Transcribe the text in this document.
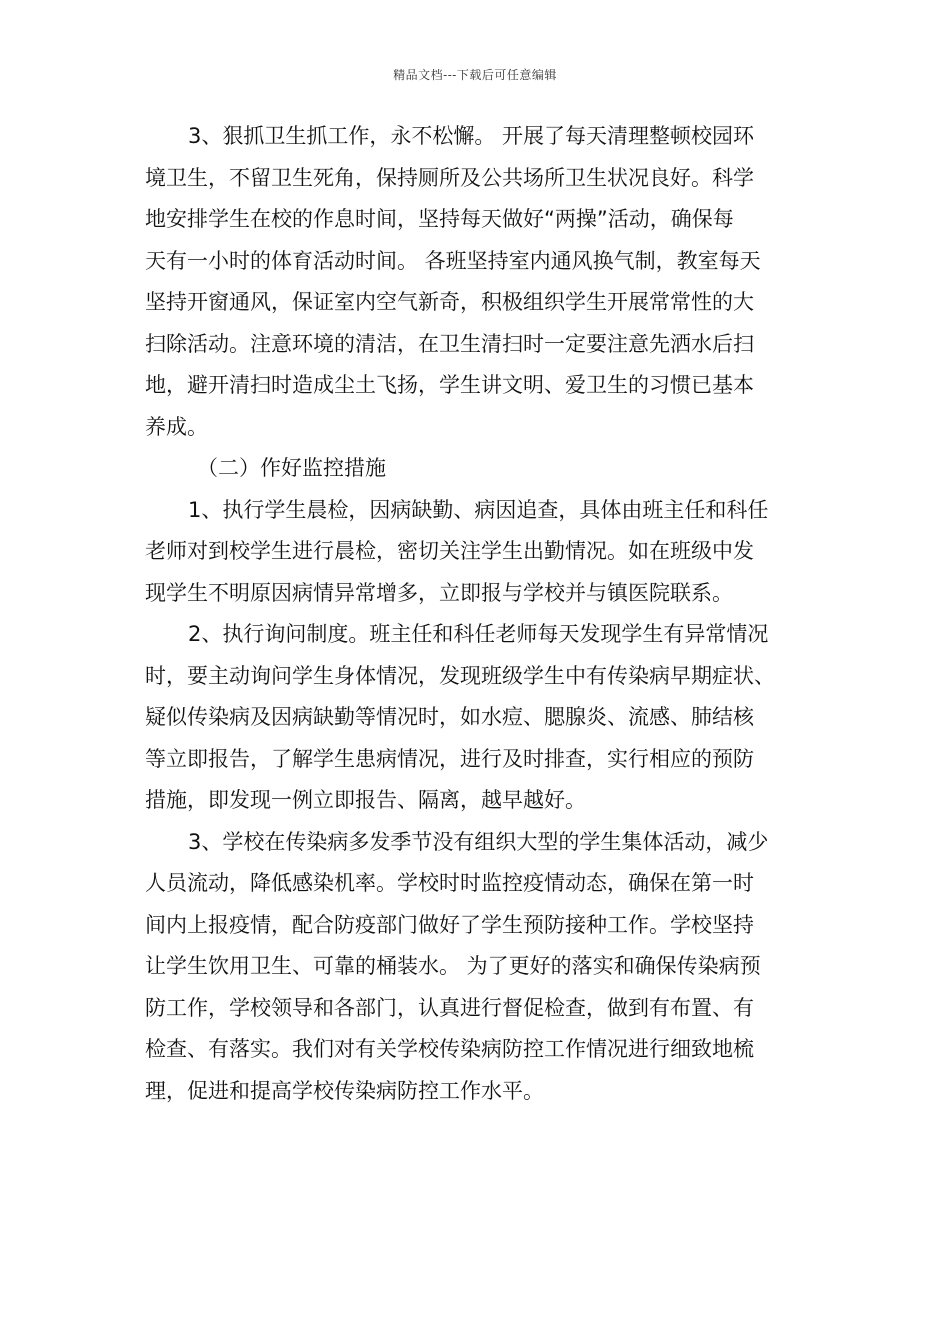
精品文档---下载后可任意编辑
3、狠抓卫生抓工作，永不松懈。 开展了每天清理整顿校园环
境卫生，不留卫生死角，保持厕所及公共场所卫生状况良好。科学
地安排学生在校的作息时间，坚持每天做好“两操”活动，确保每
天有一小时的体育活动时间。 各班坚持室内通风换气制，教室每天
坚持开窗通风，保证室内空气新奇，积极组织学生开展常常性的大
扫除活动。注意环境的清洁，在卫生清扫时一定要注意先洒水后扫
地，避开清扫时造成尘土飞扬，学生讲文明、爱卫生的习惯已基本
养成。
（二）作好监控措施
1、执行学生晨检，因病缺勤、病因追查，具体由班主任和科任
老师对到校学生进行晨检，密切关注学生出勤情况。如在班级中发
现学生不明原因病情异常增多，立即报与学校并与镇医院联系。
2、执行询问制度。班主任和科任老师每天发现学生有异常情况
时，要主动询问学生身体情况，发现班级学生中有传染病早期症状、
疑似传染病及因病缺勤等情况时，如水痘、腮腺炎、流感、肺结核
等立即报告，了解学生患病情况，进行及时排查，实行相应的预防
措施，即发现一例立即报告、隔离，越早越好。
3、学校在传染病多发季节没有组织大型的学生集体活动，减少
人员流动，降低感染机率。学校时时监控疫情动态，确保在第一时
间内上报疫情，配合防疫部门做好了学生预防接种工作。学校坚持
让学生饮用卫生、可靠的桶装水。 为了更好的落实和确保传染病预
防工作，学校领导和各部门，认真进行督促检查，做到有布置、有
检查、有落实。我们对有关学校传染病防控工作情况进行细致地梳
理，促进和提高学校传染病防控工作水平。
